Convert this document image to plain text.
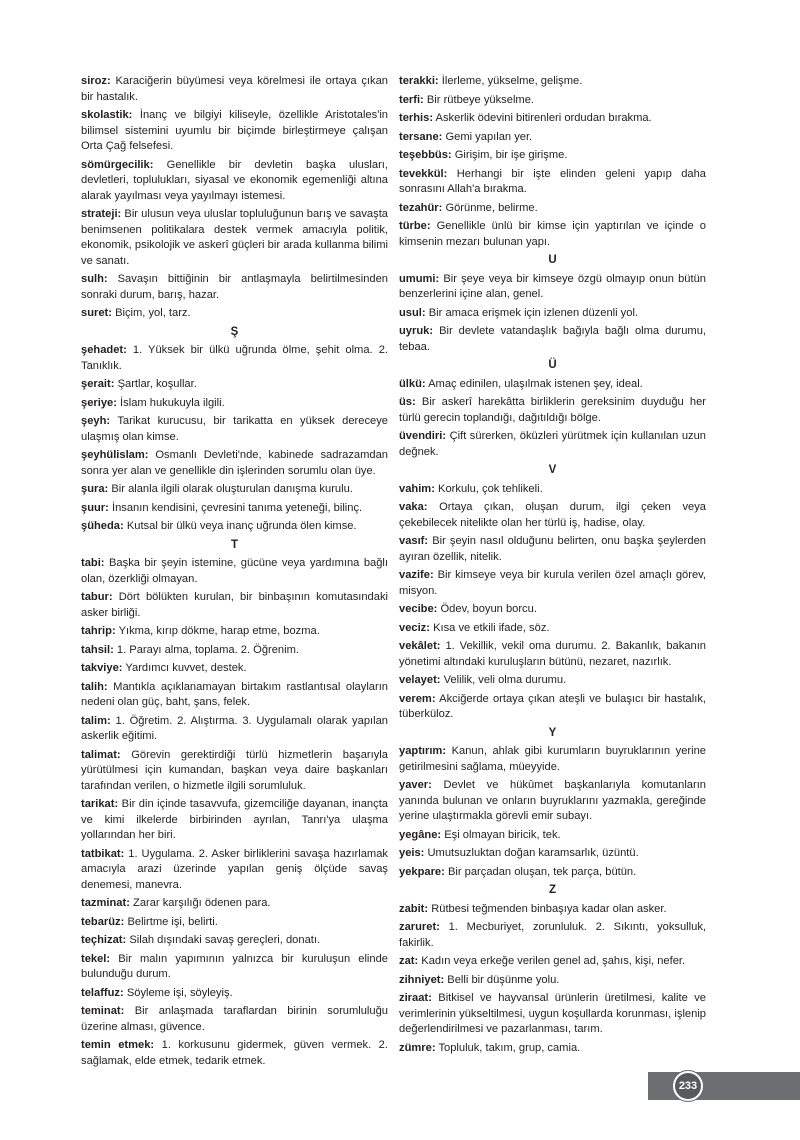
siroz: Karaciğerin büyümesi veya körelmesi ile ortaya çıkan bir hastalık.
skolastik: İnanç ve bilgiyi kiliseyle, özellikle Aristotales'in bilimsel sistemini uyumlu bir biçimde birleştirmeye çalışan Orta Çağ felsefesi.
sömürgecilik: Genellikle bir devletin başka ulusları, devletleri, toplulukları, siyasal ve ekonomik egemenliği altına alarak yayılması veya yayılmayı istemesi.
strateji: Bir ulusun veya uluslar topluluğunun barış ve savaşta benimsenen politikalara destek vermek amacıyla politik, ekonomik, psikolojik ve askerî güçleri bir arada kullanma bilimi ve sanatı.
sulh: Savaşın bittiğinin bir antlaşmayla belirtilmesinden sonraki durum, barış, hazar.
suret: Biçim, yol, tarz.
Ş
şehadet: 1. Yüksek bir ülkü uğrunda ölme, şehit olma. 2. Tanıklık.
şerait: Şartlar, koşullar.
şeriye: İslam hukukuyla ilgili.
şeyh: Tarikat kurucusu, bir tarikatta en yüksek dereceye ulaşmış olan kimse.
şeyhülislam: Osmanlı Devleti'nde, kabinede sadrazamdan sonra yer alan ve genellikle din işlerinden sorumlu olan üye.
şura: Bir alanla ilgili olarak oluşturulan danışma kurulu.
şuur: İnsanın kendisini, çevresini tanıma yeteneği, bilinç.
şüheda: Kutsal bir ülkü veya inanç uğrunda ölen kimse.
T
tabi: Başka bir şeyin istemine, gücüne veya yardımına bağlı olan, özerkliği olmayan.
tabur: Dört bölükten kurulan, bir binbaşının komutasındaki asker birliği.
tahrip: Yıkma, kırıp dökme, harap etme, bozma.
tahsil: 1. Parayı alma, toplama. 2. Öğrenim.
takviye: Yardımcı kuvvet, destek.
talih: Mantıkla açıklanamayan birtakım rastlantısal olayların nedeni olan güç, baht, şans, felek.
talim: 1. Öğretim. 2. Alıştırma. 3. Uygulamalı olarak yapılan askerlik eğitimi.
talimat: Görevin gerektirdiği türlü hizmetlerin başarıyla yürütülmesi için kumandan, başkan veya daire başkanları tarafından verilen, o hizmetle ilgili sorumluluk.
tarikat: Bir din içinde tasavvufa, gizemciliğe dayanan, inançta ve kimi ilkelerde birbirinden ayrılan, Tanrı'ya ulaşma yollarından her biri.
tatbikat: 1. Uygulama. 2. Asker birliklerini savaşa hazırlamak amacıyla arazi üzerinde yapılan geniş ölçüde savaş denemesi, manevra.
tazminat: Zarar karşılığı ödenen para.
tebarüz: Belirtme işi, belirti.
teçhizat: Silah dışındaki savaş gereçleri, donatı.
tekel: Bir malın yapımının yalnızca bir kuruluşun elinde bulunduğu durum.
telaffuz: Söyleme işi, söyleyiş.
teminat: Bir anlaşmada taraflardan birinin sorumluluğu üzerine alması, güvence.
temin etmek: 1. korkusunu gidermek, güven vermek. 2. sağlamak, elde etmek, tedarik etmek.
terakki: İlerleme, yükselme, gelişme.
terfi: Bir rütbeye yükselme.
terhis: Askerlik ödevini bitirenleri ordudan bırakma.
tersane: Gemi yapılan yer.
teşebbüs: Girişim, bir işe girişme.
tevekkül: Herhangi bir işte elinden geleni yapıp daha sonrasını Allah'a bırakma.
tezahür: Görünme, belirme.
türbe: Genellikle ünlü bir kimse için yaptırılan ve içinde o kimsenin mezarı bulunan yapı.
U
umumi: Bir şeye veya bir kimseye özgü olmayıp onun bütün benzerlerini içine alan, genel.
usul: Bir amaca erişmek için izlenen düzenli yol.
uyruk: Bir devlete vatandaşlık bağıyla bağlı olma durumu, tebaa.
Ü
ülkü: Amaç edinilen, ulaşılmak istenen şey, ideal.
üs: Bir askerî harekâtta birliklerin gereksinim duyduğu her türlü gerecin toplandığı, dağıtıldığı bölge.
üvendiri: Çift sürerken, öküzleri yürütmek için kullanılan uzun değnek.
V
vahim: Korkulu, çok tehlikeli.
vaka: Ortaya çıkan, oluşan durum, ilgi çeken veya çekebilecek nitelikte olan her türlü iş, hadise, olay.
vasıf: Bir şeyin nasıl olduğunu belirten, onu başka şeylerden ayıran özellik, nitelik.
vazife: Bir kimseye veya bir kurula verilen özel amaçlı görev, misyon.
vecibe: Ödev, boyun borcu.
veciz: Kısa ve etkili ifade, söz.
vekâlet: 1. Vekillik, vekil oma durumu. 2. Bakanlık, bakanın yönetimi altındaki kuruluşların bütünü, nezaret, nazırlık.
velayet: Velilik, veli olma durumu.
verem: Akciğerde ortaya çıkan ateşli ve bulaşıcı bir hastalık, tüberküloz.
Y
yaptırım: Kanun, ahlak gibi kurumların buyruklarının yerine getirilmesini sağlama, müeyyide.
yaver: Devlet ve hükûmet başkanlarıyla komutanların yanında bulunan ve onların buyruklarını yazmakla, gereğinde yerine ulaştırmakla görevli emir subayı.
yegâne: Eşi olmayan biricik, tek.
yeis: Umutsuzluktan doğan karamsarlık, üzüntü.
yekpare: Bir parçadan oluşan, tek parça, bütün.
Z
zabit: Rütbesi teğmenden binbaşıya kadar olan asker.
zaruret: 1. Mecburiyet, zorunluluk. 2. Sıkıntı, yoksulluk, fakirlik.
zat: Kadın veya erkeğe verilen genel ad, şahıs, kişi, nefer.
zihniyet: Belli bir düşünme yolu.
ziraat: Bitkisel ve hayvansal ürünlerin üretilmesi, kalite ve verimlerinin yükseltilmesi, uygun koşullarda korunması, işlenip değerlendirilmesi ve pazarlanması, tarım.
zümre: Topluluk, takım, grup, camia.
233
